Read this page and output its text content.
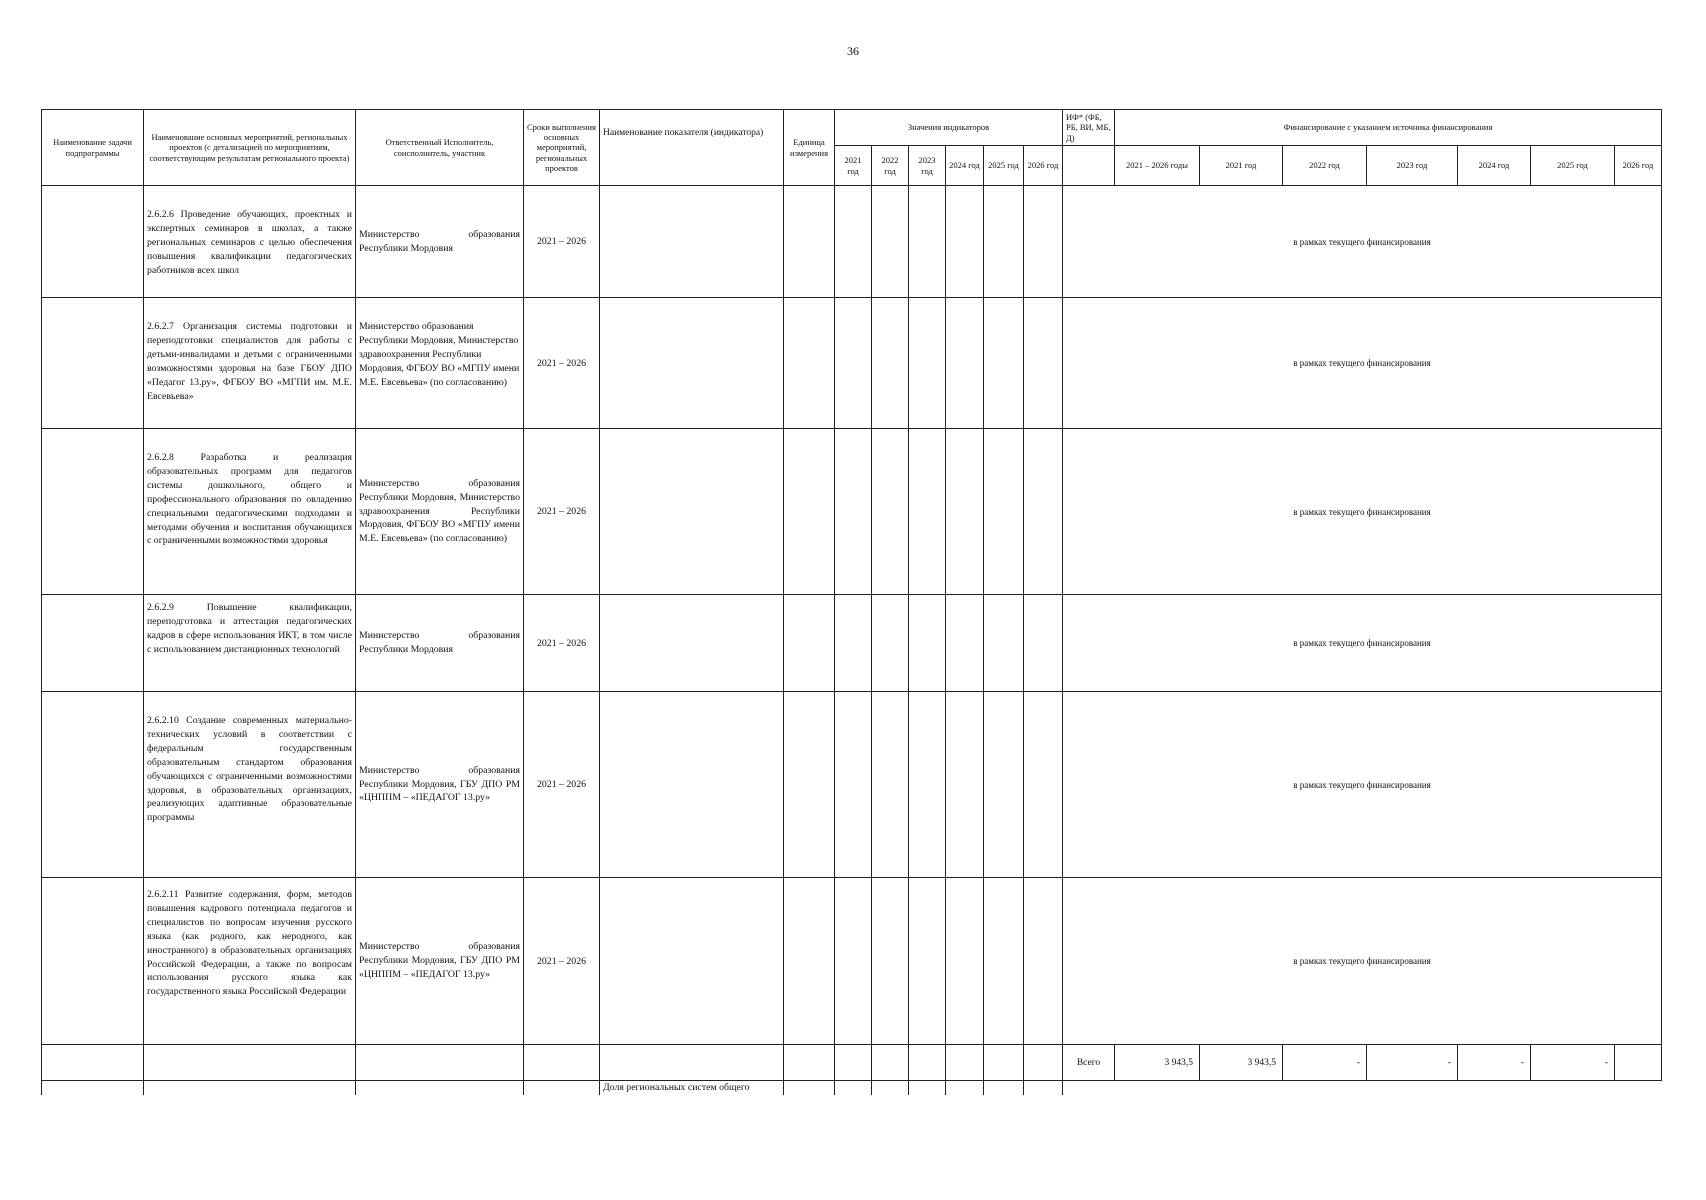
36
Наименование задачи подпрограммы	Наименование основных мероприятий, региональных проектов (с детализацией по мероприятиям, соответствующим результатам регионального проекта)	Ответственный Исполнитель, соисполнитель, участник	Сроки выполнения основных мероприятий, региональных проектов	Наименование показателя (индикатора)	Единица измерения	Значения индикаторов						ИФ* (ФБ, РБ, ВИ, МБ, Д)	Финансирование с указанием источника финансирования						
						2021 год	2022 год	2023 год	2024 год	2025 год	2026 год		2021 – 2026 годы	2021 год	2022 год	2023 год	2024 год	2025 год	2026 год
	2.6.2.6 Проведение обучающих, проектных и экспертных семинаров в школах, а также региональных семинаров с целью обеспечения повышения квалификации педагогических работников всех школ	Министерство образования Республики Мордовия	2021 – 2026									в рамках текущего финансирования							
	2.6.2.7 Организация системы подготовки и переподготовки специалистов для работы с детьми-инвалидами и детьми с ограниченными возможностями здоровья на базе ГБОУ ДПО «Педагог 13.ру», ФГБОУ ВО «МГПИ им. М.Е. Евсевьева»	Министерство образования Республики Мордовия, Министерство здравоохранения Республики Мордовия, ФГБОУ ВО «МГПУ имени М.Е. Евсевьева» (по согласованию)	2021 – 2026									в рамках текущего финансирования							
	2.6.2.8 Разработка и реализация образовательных программ для педагогов системы дошкольного, общего и профессионального образования по овладению специальными педагогическими подходами и методами обучения и воспитания обучающихся с ограниченными возможностями здоровья	Министерство образования Республики Мордовия, Министерство здравоохранения Республики Мордовия, ФГБОУ ВО «МГПУ имени М.Е. Евсевьева» (по согласованию)	2021 – 2026									в рамках текущего финансирования							
	2.6.2.9 Повышение квалификации, переподготовка и аттестация педагогических кадров в сфере использования ИКТ, в том числе с использованием дистанционных технологий	Министерство образования Республики Мордовия	2021 – 2026									в рамках текущего финансирования							
	2.6.2.10 Создание современных материально-технических условий в соответствии с федеральным государственным образовательным стандартом образования обучающихся с ограниченными возможностями здоровья, в образовательных организациях, реализующих адаптивные образовательные программы	Министерство образования Республики Мордовия, ГБУ ДПО РМ «ЦНППМ – «ПЕДАГОГ 13.ру»	2021 – 2026									в рамках текущего финансирования							
	2.6.2.11 Развитие содержания, форм, методов повышения кадрового потенциала педагогов и специалистов по вопросам изучения русского языка (как родного, как неродного, как иностранного) в образовательных организациях Российской Федерации, а также по вопросам использования русского языка как государственного языка Российской Федерации	Министерство образования Республики Мордовия, ГБУ ДПО РМ «ЦНППМ – «ПЕДАГОГ 13.ру»	2021 – 2026									в рамках текущего финансирования							
												Всего	3 943,5	3 943,5	-	-	-	-	
				Доля региональных систем общего															
